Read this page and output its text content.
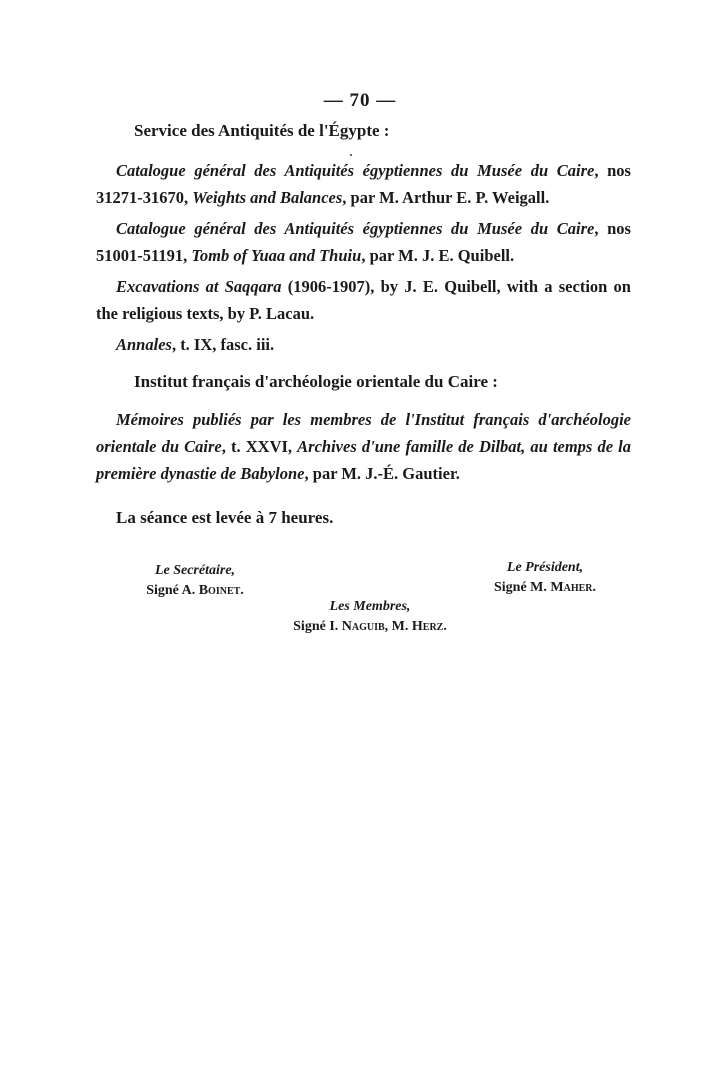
— 70 —
Service des Antiquités de l'Égypte :

Catalogue général des Antiquités égyptiennes du Musée du Caire, nos 31271-31670, Weights and Balances, par M. Arthur E. P. Weigall.

Catalogue général des Antiquités égyptiennes du Musée du Caire, nos 51001-51191, Tomb of Yuaa and Thuiu, par M. J. E. Quibell.

Excavations at Saqqara (1906-1907), by J. E. Quibell, with a section on the religious texts, by P. Lacau.

Annales, t. IX, fasc. iii.

Institut français d'archéologie orientale du Caire :

Mémoires publiés par les membres de l'Institut français d'archéologie orientale du Caire, t. XXVI, Archives d'une famille de Dilbat, au temps de la première dynastie de Babylone, par M. J.-É. Gautier.

La séance est levée à 7 heures.
Le Secrétaire,
Signé A. Boinet.
Le Président,
Signé M. Maher.
Les Membres,
Signé I. Naguib, M. Herz.
